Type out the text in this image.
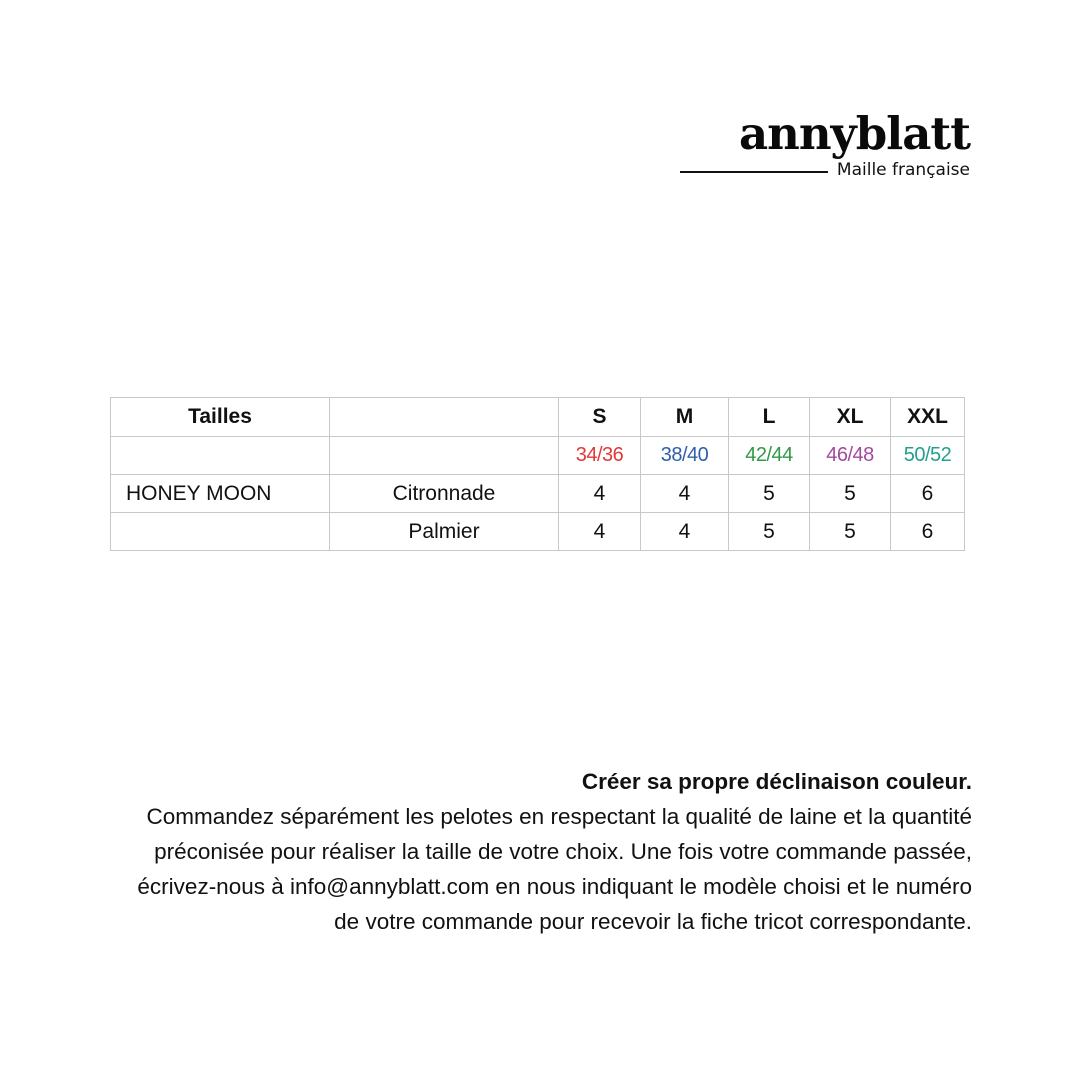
annyblatt
Maille française
Tailles		S	M	L	XL	XXL
		34/36	38/40	42/44	46/48	50/52
HONEY MOON	Citronnade	4	4	5	5	6
	Palmier	4	4	5	5	6
Créer sa propre déclinaison couleur.

Commandez séparément les pelotes en respectant la qualité de laine et la quantité préconisée pour réaliser la taille de votre choix. Une fois votre commande passée, écrivez-nous à info@annyblatt.com en nous indiquant le modèle choisi et le numéro de votre commande pour recevoir la fiche tricot correspondante.
